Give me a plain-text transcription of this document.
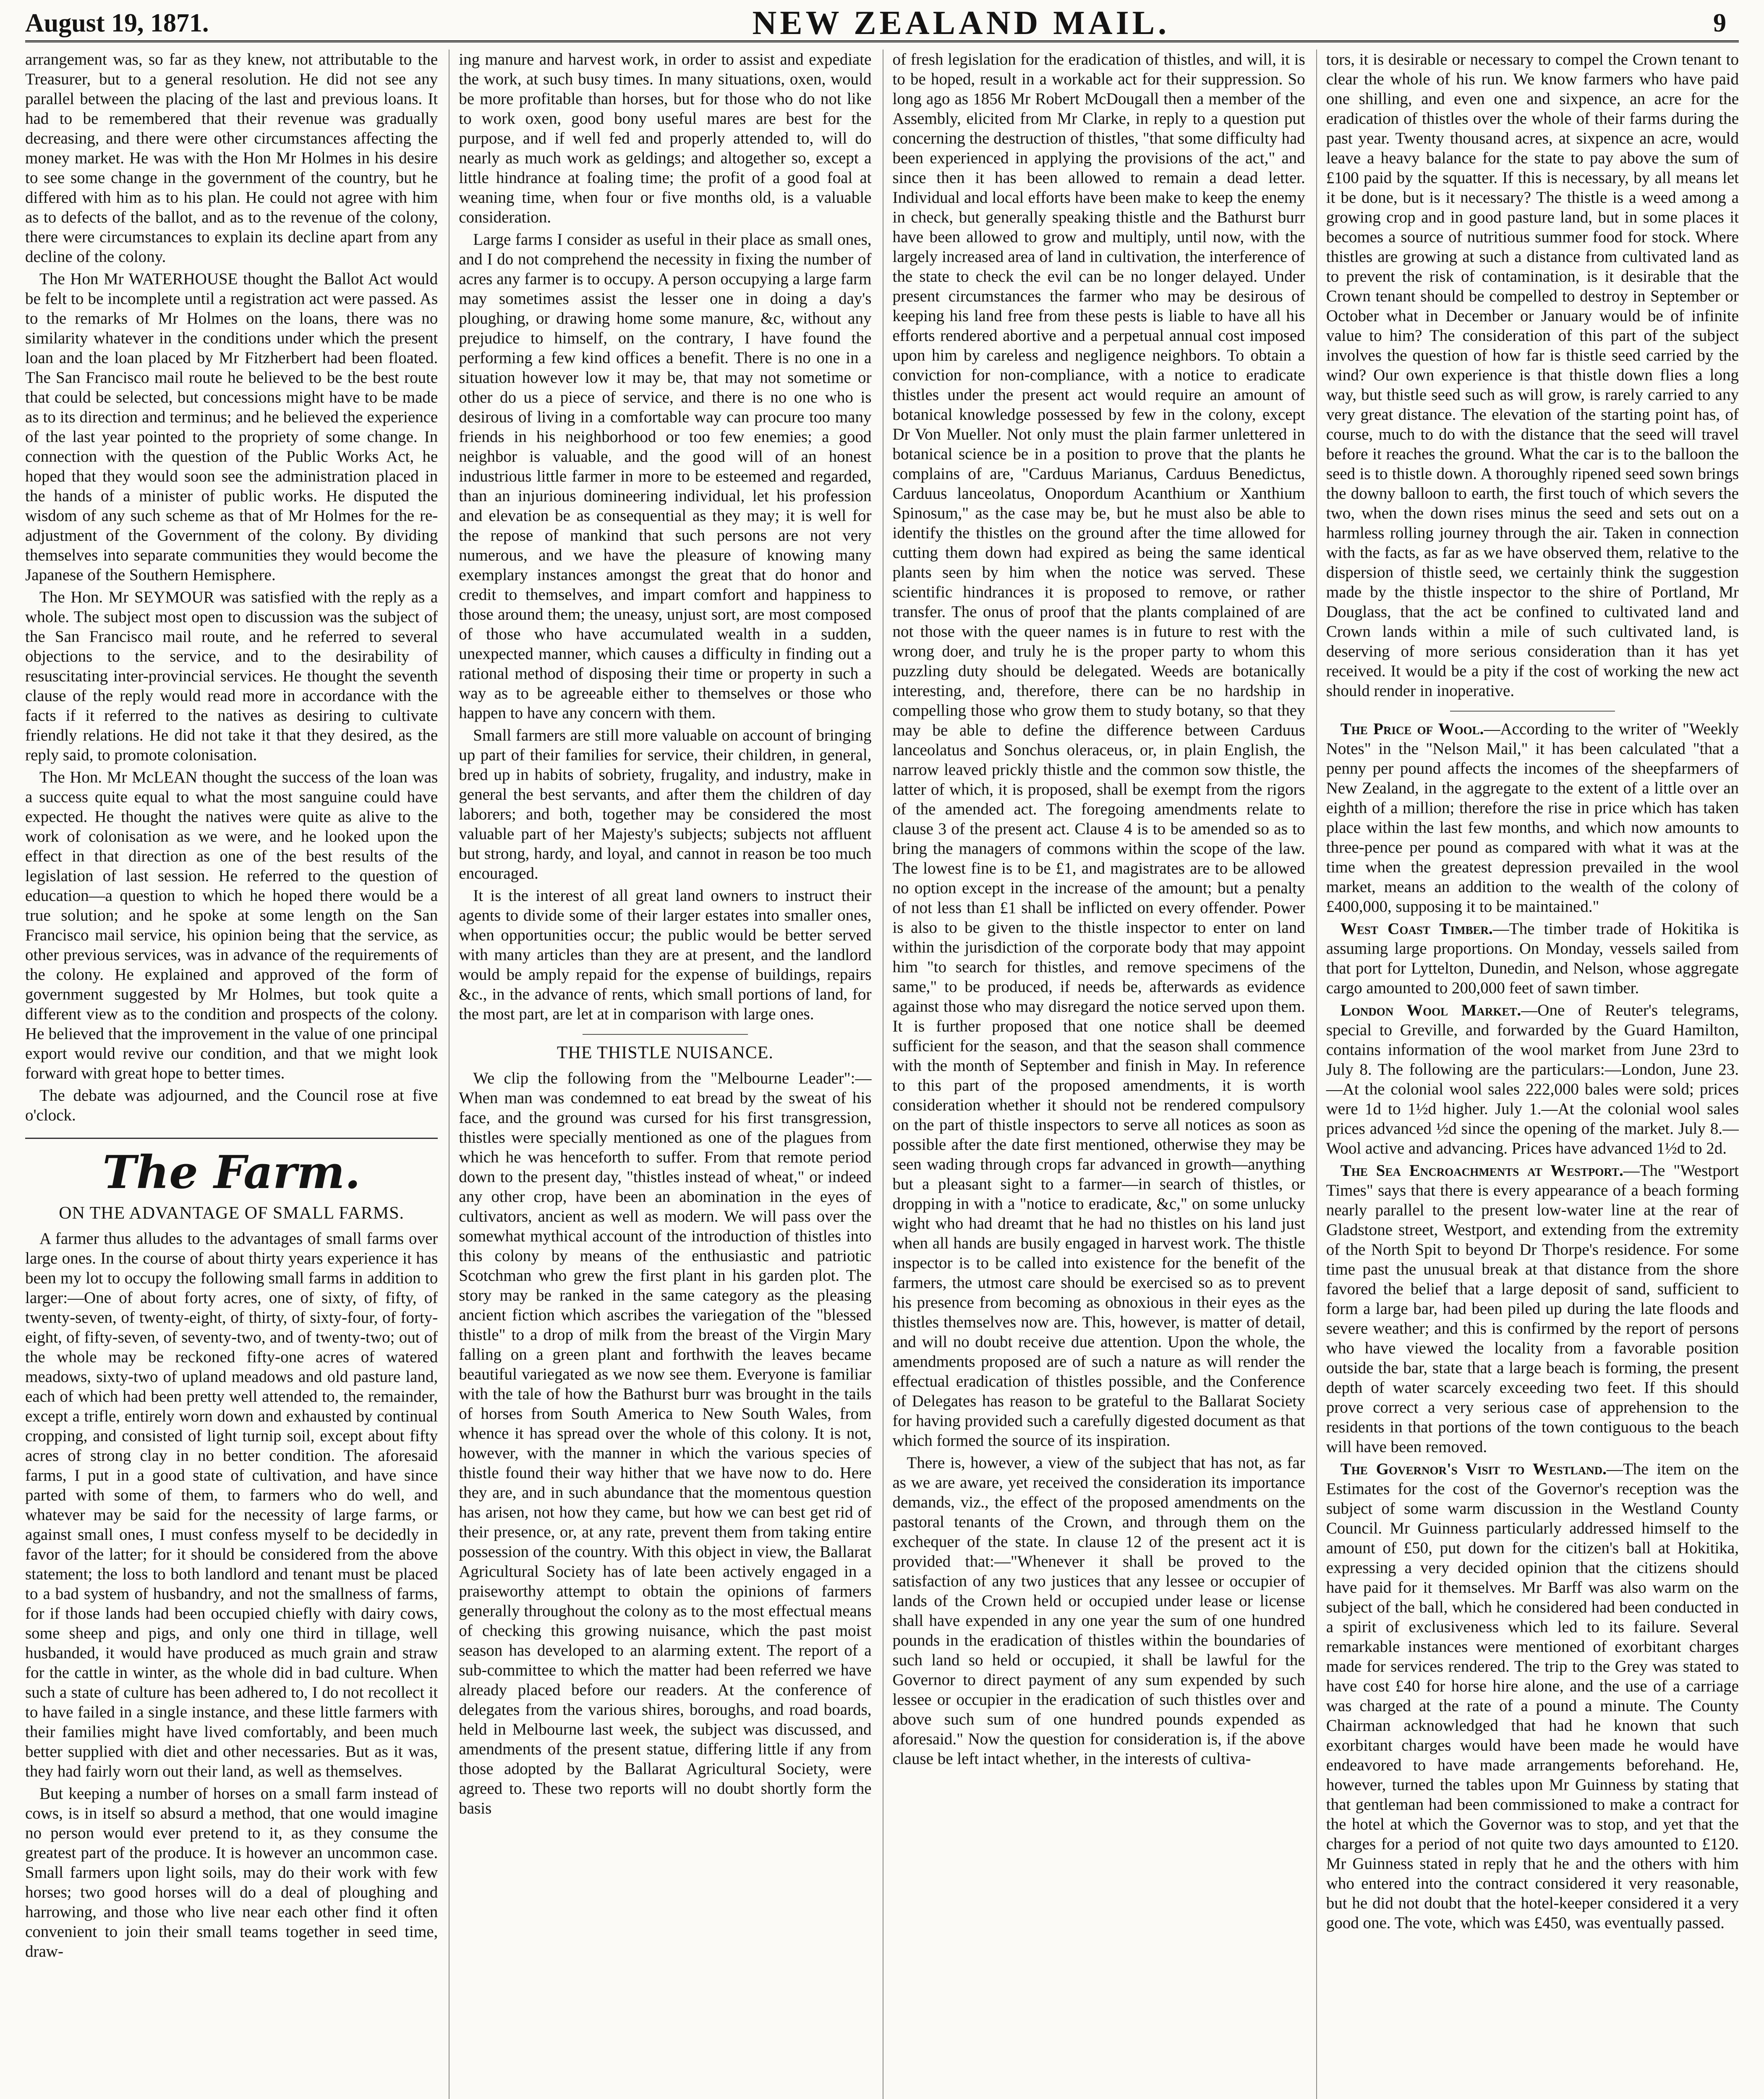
August 19, 1871.	NEW ZEALAND MAIL.	9

arrangement was, so far as they knew, not attributable to the Treasurer, but to a general resolution. He did not see any parallel between the placing of the last and previous loans. It had to be remembered that their revenue was gradually decreasing, and there were other circumstances affecting the money market. He was with the Hon Mr Holmes in his desire to see some change in the government of the country, but he differed with him as to his plan. He could not agree with him as to defects of the ballot, and as to the revenue of the colony, there were circumstances to explain its decline apart from any decline of the colony.

The Hon Mr WATERHOUSE thought the Ballot Act would be felt to be incomplete until a registration act were passed. As to the remarks of Mr Holmes on the loans, there was no similarity whatever in the conditions under which the present loan and the loan placed by Mr Fitzherbert had been floated. The San Francisco mail route he believed to be the best route that could be selected, but concessions might have to be made as to its direction and terminus; and he believed the experience of the last year pointed to the propriety of some change. In connection with the question of the Public Works Act, he hoped that they would soon see the administration placed in the hands of a minister of public works. He disputed the wisdom of any such scheme as that of Mr Holmes for the re-adjustment of the Government of the colony. By dividing themselves into separate communities they would become the Japanese of the Southern Hemisphere.

The Hon. Mr SEYMOUR was satisfied with the reply as a whole. The subject most open to discussion was the subject of the San Francisco mail route, and he referred to several objections to the service, and to the desirability of resuscitating inter-provincial services. He thought the seventh clause of the reply would read more in accordance with the facts if it referred to the natives as desiring to cultivate friendly relations. He did not take it that they desired, as the reply said, to promote colonisation.

The Hon. Mr McLEAN thought the success of the loan was a success quite equal to what the most sanguine could have expected. He thought the natives were quite as alive to the work of colonisation as we were, and he looked upon the effect in that direction as one of the best results of the legislation of last session. He referred to the question of education—a question to which he hoped there would be a true solution; and he spoke at some length on the San Francisco mail service, his opinion being that the service, as other previous services, was in advance of the requirements of the colony. He explained and approved of the form of government suggested by Mr Holmes, but took quite a different view as to the condition and prospects of the colony. He believed that the improvement in the value of one principal export would revive our condition, and that we might look forward with great hope to better times.

The debate was adjourned, and the Council rose at five o'clock.

The Farm.
ON THE ADVANTAGE OF SMALL FARMS.

A farmer thus alludes to the advantages of small farms over large ones. In the course of about thirty years experience it has been my lot to occupy the following small farms in addition to larger:—One of about forty acres, one of sixty, of fifty, of twenty-seven, of twenty-eight, of thirty, of sixty-four, of forty-eight, of fifty-seven, of seventy-two, and of twenty-two; out of the whole may be reckoned fifty-one acres of watered meadows, sixty-two of upland meadows and old pasture land, each of which had been pretty well attended to, the remainder, except a trifle, entirely worn down and exhausted by continual cropping, and consisted of light turnip soil, except about fifty acres of strong clay in no better condition. The aforesaid farms, I put in a good state of cultivation, and have since parted with some of them, to farmers who do well, and whatever may be said for the necessity of large farms, or against small ones, I must confess myself to be decidedly in favor of the latter; for it should be considered from the above statement; the loss to both landlord and tenant must be placed to a bad system of husbandry, and not the smallness of farms, for if those lands had been occupied chiefly with dairy cows, some sheep and pigs, and only one third in tillage, well husbanded, it would have produced as much grain and straw for the cattle in winter, as the whole did in bad culture. When such a state of culture has been adhered to, I do not recollect it to have failed in a single instance, and these little farmers with their families might have lived comfortably, and been much better supplied with diet and other necessaries. But as it was, they had fairly worn out their land, as well as themselves.

But keeping a number of horses on a small farm instead of cows, is in itself so absurd a method, that one would imagine no person would ever pretend to it, as they consume the greatest part of the produce. It is however an uncommon case. Small farmers upon light soils, may do their work with few horses; two good horses will do a deal of ploughing and harrowing, and those who live near each other find it often convenient to join their small teams together in seed time, draw-

ing manure and harvest work, in order to assist and expediate the work, at such busy times. In many situations, oxen, would be more profitable than horses, but for those who do not like to work oxen, good bony useful mares are best for the purpose, and if well fed and properly attended to, will do nearly as much work as geldings; and altogether so, except a little hindrance at foaling time; the profit of a good foal at weaning time, when four or five months old, is a valuable consideration.

Large farms I consider as useful in their place as small ones, and I do not comprehend the necessity in fixing the number of acres any farmer is to occupy. A person occupying a large farm may sometimes assist the lesser one in doing a day's ploughing, or drawing home some manure, &c, without any prejudice to himself, on the contrary, I have found the performing a few kind offices a benefit. There is no one in a situation however low it may be, that may not sometime or other do us a piece of service, and there is no one who is desirous of living in a comfortable way can procure too many friends in his neighborhood or too few enemies; a good neighbor is valuable, and the good will of an honest industrious little farmer in more to be esteemed and regarded, than an injurious domineering individual, let his profession and elevation be as consequential as they may; it is well for the repose of mankind that such persons are not very numerous, and we have the pleasure of knowing many exemplary instances amongst the great that do honor and credit to themselves, and impart comfort and happiness to those around them; the uneasy, unjust sort, are most composed of those who have accumulated wealth in a sudden, unexpected manner, which causes a difficulty in finding out a rational method of disposing their time or property in such a way as to be agreeable either to themselves or those who happen to have any concern with them.

Small farmers are still more valuable on account of bringing up part of their families for service, their children, in general, bred up in habits of sobriety, frugality, and industry, make in general the best servants, and after them the children of day laborers; and both, together may be considered the most valuable part of her Majesty's subjects; subjects not affluent but strong, hardy, and loyal, and cannot in reason be too much encouraged.

It is the interest of all great land owners to instruct their agents to divide some of their larger estates into smaller ones, when opportunities occur; the public would be better served with many articles than they are at present, and the landlord would be amply repaid for the expense of buildings, repairs &c., in the advance of rents, which small portions of land, for the most part, are let at in comparison with large ones.

THE THISTLE NUISANCE.

We clip the following from the "Melbourne Leader":—When man was condemned to eat bread by the sweat of his face, and the ground was cursed for his first transgression, thistles were specially mentioned as one of the plagues from which he was henceforth to suffer. From that remote period down to the present day, "thistles instead of wheat," or indeed any other crop, have been an abomination in the eyes of cultivators, ancient as well as modern. We will pass over the somewhat mythical account of the introduction of thistles into this colony by means of the enthusiastic and patriotic Scotchman who grew the first plant in his garden plot. The story may be ranked in the same category as the pleasing ancient fiction which ascribes the variegation of the "blessed thistle" to a drop of milk from the breast of the Virgin Mary falling on a green plant and forthwith the leaves became beautiful variegated as we now see them. Everyone is familiar with the tale of how the Bathurst burr was brought in the tails of horses from South America to New South Wales, from whence it has spread over the whole of this colony. It is not, however, with the manner in which the various species of thistle found their way hither that we have now to do. Here they are, and in such abundance that the momentous question has arisen, not how they came, but how we can best get rid of their presence, or, at any rate, prevent them from taking entire possession of the country. With this object in view, the Ballarat Agricultural Society has of late been actively engaged in a praiseworthy attempt to obtain the opinions of farmers generally throughout the colony as to the most effectual means of checking this growing nuisance, which the past moist season has developed to an alarming extent. The report of a sub-committee to which the matter had been referred we have already placed before our readers. At the conference of delegates from the various shires, boroughs, and road boards, held in Melbourne last week, the subject was discussed, and amendments of the present statue, differing little if any from those adopted by the Ballarat Agricultural Society, were agreed to. These two reports will no doubt shortly form the basis

of fresh legislation for the eradication of thistles, and will, it is to be hoped, result in a workable act for their suppression. So long ago as 1856 Mr Robert McDougall then a member of the Assembly, elicited from Mr Clarke, in reply to a question put concerning the destruction of thistles, "that some difficulty had been experienced in applying the provisions of the act," and since then it has been allowed to remain a dead letter. Individual and local efforts have been make to keep the enemy in check, but generally speaking thistle and the Bathurst burr have been allowed to grow and multiply, until now, with the largely increased area of land in cultivation, the interference of the state to check the evil can be no longer delayed. Under present circumstances the farmer who may be desirous of keeping his land free from these pests is liable to have all his efforts rendered abortive and a perpetual annual cost imposed upon him by careless and negligence neighbors. To obtain a conviction for non-compliance, with a notice to eradicate thistles under the present act would require an amount of botanical knowledge possessed by few in the colony, except Dr Von Mueller. Not only must the plain farmer unlettered in botanical science be in a position to prove that the plants he complains of are, "Carduus Marianus, Carduus Benedictus, Carduus lanceolatus, Onopordum Acanthium or Xanthium Spinosum," as the case may be, but he must also be able to identify the thistles on the ground after the time allowed for cutting them down had expired as being the same identical plants seen by him when the notice was served. These scientific hindrances it is proposed to remove, or rather transfer. The onus of proof that the plants complained of are not those with the queer names is in future to rest with the wrong doer, and truly he is the proper party to whom this puzzling duty should be delegated. Weeds are botanically interesting, and, therefore, there can be no hardship in compelling those who grow them to study botany, so that they may be able to define the difference between Carduus lanceolatus and Sonchus oleraceus, or, in plain English, the narrow leaved prickly thistle and the common sow thistle, the latter of which, it is proposed, shall be exempt from the rigors of the amended act. The foregoing amendments relate to clause 3 of the present act. Clause 4 is to be amended so as to bring the managers of commons within the scope of the law. The lowest fine is to be £1, and magistrates are to be allowed no option except in the increase of the amount; but a penalty of not less than £1 shall be inflicted on every offender. Power is also to be given to the thistle inspector to enter on land within the jurisdiction of the corporate body that may appoint him "to search for thistles, and remove specimens of the same," to be produced, if needs be, afterwards as evidence against those who may disregard the notice served upon them. It is further proposed that one notice shall be deemed sufficient for the season, and that the season shall commence with the month of September and finish in May. In reference to this part of the proposed amendments, it is worth consideration whether it should not be rendered compulsory on the part of thistle inspectors to serve all notices as soon as possible after the date first mentioned, otherwise they may be seen wading through crops far advanced in growth—anything but a pleasant sight to a farmer—in search of thistles, or dropping in with a "notice to eradicate, &c," on some unlucky wight who had dreamt that he had no thistles on his land just when all hands are busily engaged in harvest work. The thistle inspector is to be called into existence for the benefit of the farmers, the utmost care should be exercised so as to prevent his presence from becoming as obnoxious in their eyes as the thistles themselves now are. This, however, is matter of detail, and will no doubt receive due attention. Upon the whole, the amendments proposed are of such a nature as will render the effectual eradication of thistles possible, and the Conference of Delegates has reason to be grateful to the Ballarat Society for having provided such a carefully digested document as that which formed the source of its inspiration.

There is, however, a view of the subject that has not, as far as we are aware, yet received the consideration its importance demands, viz., the effect of the proposed amendments on the pastoral tenants of the Crown, and through them on the exchequer of the state. In clause 12 of the present act it is provided that:—"Whenever it shall be proved to the satisfaction of any two justices that any lessee or occupier of lands of the Crown held or occupied under lease or license shall have expended in any one year the sum of one hundred pounds in the eradication of thistles within the boundaries of such land so held or occupied, it shall be lawful for the Governor to direct payment of any sum expended by such lessee or occupier in the eradication of such thistles over and above such sum of one hundred pounds expended as aforesaid." Now the question for consideration is, if the above clause be left intact whether, in the interests of cultiva-

tors, it is desirable or necessary to compel the Crown tenant to clear the whole of his run. We know farmers who have paid one shilling, and even one and sixpence, an acre for the eradication of thistles over the whole of their farms during the past year. Twenty thousand acres, at sixpence an acre, would leave a heavy balance for the state to pay above the sum of £100 paid by the squatter. If this is necessary, by all means let it be done, but is it necessary? The thistle is a weed among a growing crop and in good pasture land, but in some places it becomes a source of nutritious summer food for stock. Where thistles are growing at such a distance from cultivated land as to prevent the risk of contamination, is it desirable that the Crown tenant should be compelled to destroy in September or October what in December or January would be of infinite value to him? The consideration of this part of the subject involves the question of how far is thistle seed carried by the wind? Our own experience is that thistle down flies a long way, but thistle seed such as will grow, is rarely carried to any very great distance. The elevation of the starting point has, of course, much to do with the distance that the seed will travel before it reaches the ground. What the car is to the balloon the seed is to thistle down. A thoroughly ripened seed sown brings the downy balloon to earth, the first touch of which severs the two, when the down rises minus the seed and sets out on a harmless rolling journey through the air. Taken in connection with the facts, as far as we have observed them, relative to the dispersion of thistle seed, we certainly think the suggestion made by the thistle inspector to the shire of Portland, Mr Douglass, that the act be confined to cultivated land and Crown lands within a mile of such cultivated land, is deserving of more serious consideration than it has yet received. It would be a pity if the cost of working the new act should render in inoperative.

The Price of Wool.—According to the writer of "Weekly Notes" in the "Nelson Mail," it has been calculated "that a penny per pound affects the incomes of the sheepfarmers of New Zealand, in the aggregate to the extent of a little over an eighth of a million; therefore the rise in price which has taken place within the last few months, and which now amounts to three-pence per pound as compared with what it was at the time when the greatest depression prevailed in the wool market, means an addition to the wealth of the colony of £400,000, supposing it to be maintained."

West Coast Timber.—The timber trade of Hokitika is assuming large proportions. On Monday, vessels sailed from that port for Lyttelton, Dunedin, and Nelson, whose aggregate cargo amounted to 200,000 feet of sawn timber.

London Wool Market.—One of Reuter's telegrams, special to Greville, and forwarded by the Guard Hamilton, contains information of the wool market from June 23rd to July 8. The following are the particulars:—London, June 23.—At the colonial wool sales 222,000 bales were sold; prices were 1d to 1½d higher. July 1.—At the colonial wool sales prices advanced ½d since the opening of the market. July 8.—Wool active and advancing. Prices have advanced 1½d to 2d.

The Sea Encroachments at Westport.—The "Westport Times" says that there is every appearance of a beach forming nearly parallel to the present low-water line at the rear of Gladstone street, Westport, and extending from the extremity of the North Spit to beyond Dr Thorpe's residence. For some time past the unusual break at that distance from the shore favored the belief that a large deposit of sand, sufficient to form a large bar, had been piled up during the late floods and severe weather; and this is confirmed by the report of persons who have viewed the locality from a favorable position outside the bar, state that a large beach is forming, the present depth of water scarcely exceeding two feet. If this should prove correct a very serious case of apprehension to the residents in that portions of the town contiguous to the beach will have been removed.

The Governor's Visit to Westland.—The item on the Estimates for the cost of the Governor's reception was the subject of some warm discussion in the Westland County Council. Mr Guinness particularly addressed himself to the amount of £50, put down for the citizen's ball at Hokitika, expressing a very decided opinion that the citizens should have paid for it themselves. Mr Barff was also warm on the subject of the ball, which he considered had been conducted in a spirit of exclusiveness which led to its failure. Several remarkable instances were mentioned of exorbitant charges made for services rendered. The trip to the Grey was stated to have cost £40 for horse hire alone, and the use of a carriage was charged at the rate of a pound a minute. The County Chairman acknowledged that had he known that such exorbitant charges would have been made he would have endeavored to have made arrangements beforehand. He, however, turned the tables upon Mr Guinness by stating that that gentleman had been commissioned to make a contract for the hotel at which the Governor was to stop, and yet that the charges for a period of not quite two days amounted to £120. Mr Guinness stated in reply that he and the others with him who entered into the contract considered it very reasonable, but he did not doubt that the hotel-keeper considered it a very good one. The vote, which was £450, was eventually passed.
